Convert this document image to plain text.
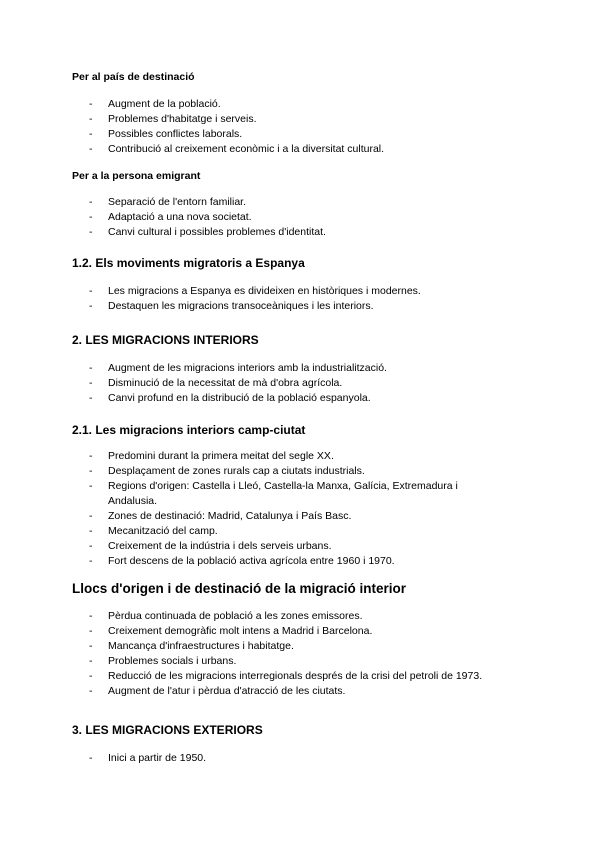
Per al país de destinació
- Augment de la població.
- Problemes d'habitatge i serveis.
- Possibles conflictes laborals.
- Contribució al creixement econòmic i a la diversitat cultural.
Per a la persona emigrant
- Separació de l'entorn familiar.
- Adaptació a una nova societat.
- Canvi cultural i possibles problemes d'identitat.
1.2. Els moviments migratoris a Espanya
- Les migracions a Espanya es divideixen en històriques i modernes.
- Destaquen les migracions transoceàniques i les interiors.
2. LES MIGRACIONS INTERIORS
- Augment de les migracions interiors amb la industrialització.
- Disminució de la necessitat de mà d'obra agrícola.
- Canvi profund en la distribució de la població espanyola.
2.1. Les migracions interiors camp-ciutat
- Predomini durant la primera meitat del segle XX.
- Desplaçament de zones rurals cap a ciutats industrials.
- Regions d'origen: Castella i Lleó, Castella-la Manxa, Galícia, Extremadura i Andalusia.
- Zones de destinació: Madrid, Catalunya i País Basc.
- Mecanització del camp.
- Creixement de la indústria i dels serveis urbans.
- Fort descens de la població activa agrícola entre 1960 i 1970.
Llocs d'origen i de destinació de la migració interior
- Pèrdua continuada de població a les zones emissores.
- Creixement demogràfic molt intens a Madrid i Barcelona.
- Mancança d'infraestructures i habitatge.
- Problemes socials i urbans.
- Reducció de les migracions interregionals després de la crisi del petroli de 1973.
- Augment de l'atur i pèrdua d'atracció de les ciutats.
3. LES MIGRACIONS EXTERIORS
- Inici a partir de 1950.
